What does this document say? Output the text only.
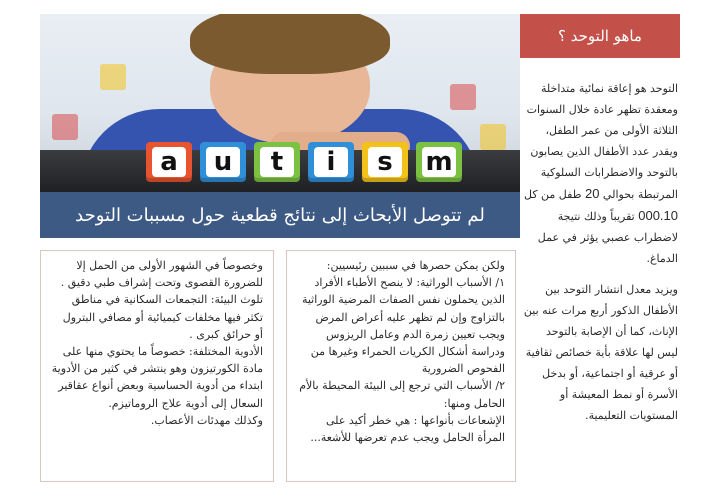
a	u	t	i	s	m
لم تتوصل الأبحاث إلى نتائج قطعية حول مسببات التوحد
ماهو التوحد ؟

التوحد هو إعاقة نمائية متداخلة ومعقدة تظهر عادة خلال السنوات الثلاثة الأولى من عمر الطفل، ويقدر عدد الأطفال الذين يصابون بالتوحد والاضطرابات السلوكية المرتبطة بحوالي 20 طفل من كل 000.10 تقريباً وذلك نتيجة لاضطراب عصبي يؤثر في عمل الدماغ.

ويزيد معدل انتشار التوحد بين الأطفال الذكور أربع مرات عنه بين الإناث، كما أن الإصابة بالتوحد ليس لها علاقة بأية خصائص ثقافية أو عرقية أو اجتماعية، أو بدخل الأسرة أو نمط المعيشة أو المستويات التعليمية.

ولكن يمكن حصرها في سببين رئيسيين:

١/ الأسباب الوراثية: لا ينصح الأطباء الأفراد الذين يحملون نفس الصفات المرضية الوراثية بالتزاوج وإن لم تظهر عليه أعراض المرض ويجب تعيين زمرة الدم وعامل الريزوس ودراسة أشكال الكريات الحمراء وغيرها من الفحوص الضرورية

٢/ الأسباب التي ترجع إلى البيئة المحيطة بالأم الحامل ومنها:

الإشعاعات بأنواعها : هي خطر أكيد على المرأة الحامل ويجب عدم تعرضها للأشعة...

وخصوصاً في الشهور الأولى من الحمل إلا للضرورة القصوى وتحت إشراف طبي دقيق .

تلوث البيئة: التجمعات السكانية في مناطق تكثر فيها مخلفات كيميائية أو مصافي البترول أو حرائق كبرى .

الأدوية المختلفة: خصوصاً ما يحتوي منها على مادة الكورتيزون وهو ينتشر في كثير من الأدوية ابتداء من أدوية الحساسية وبعض أنواع عقاقير السعال إلى أدوية علاج الروماتيزم.

وكذلك مهدئات الأعصاب.
